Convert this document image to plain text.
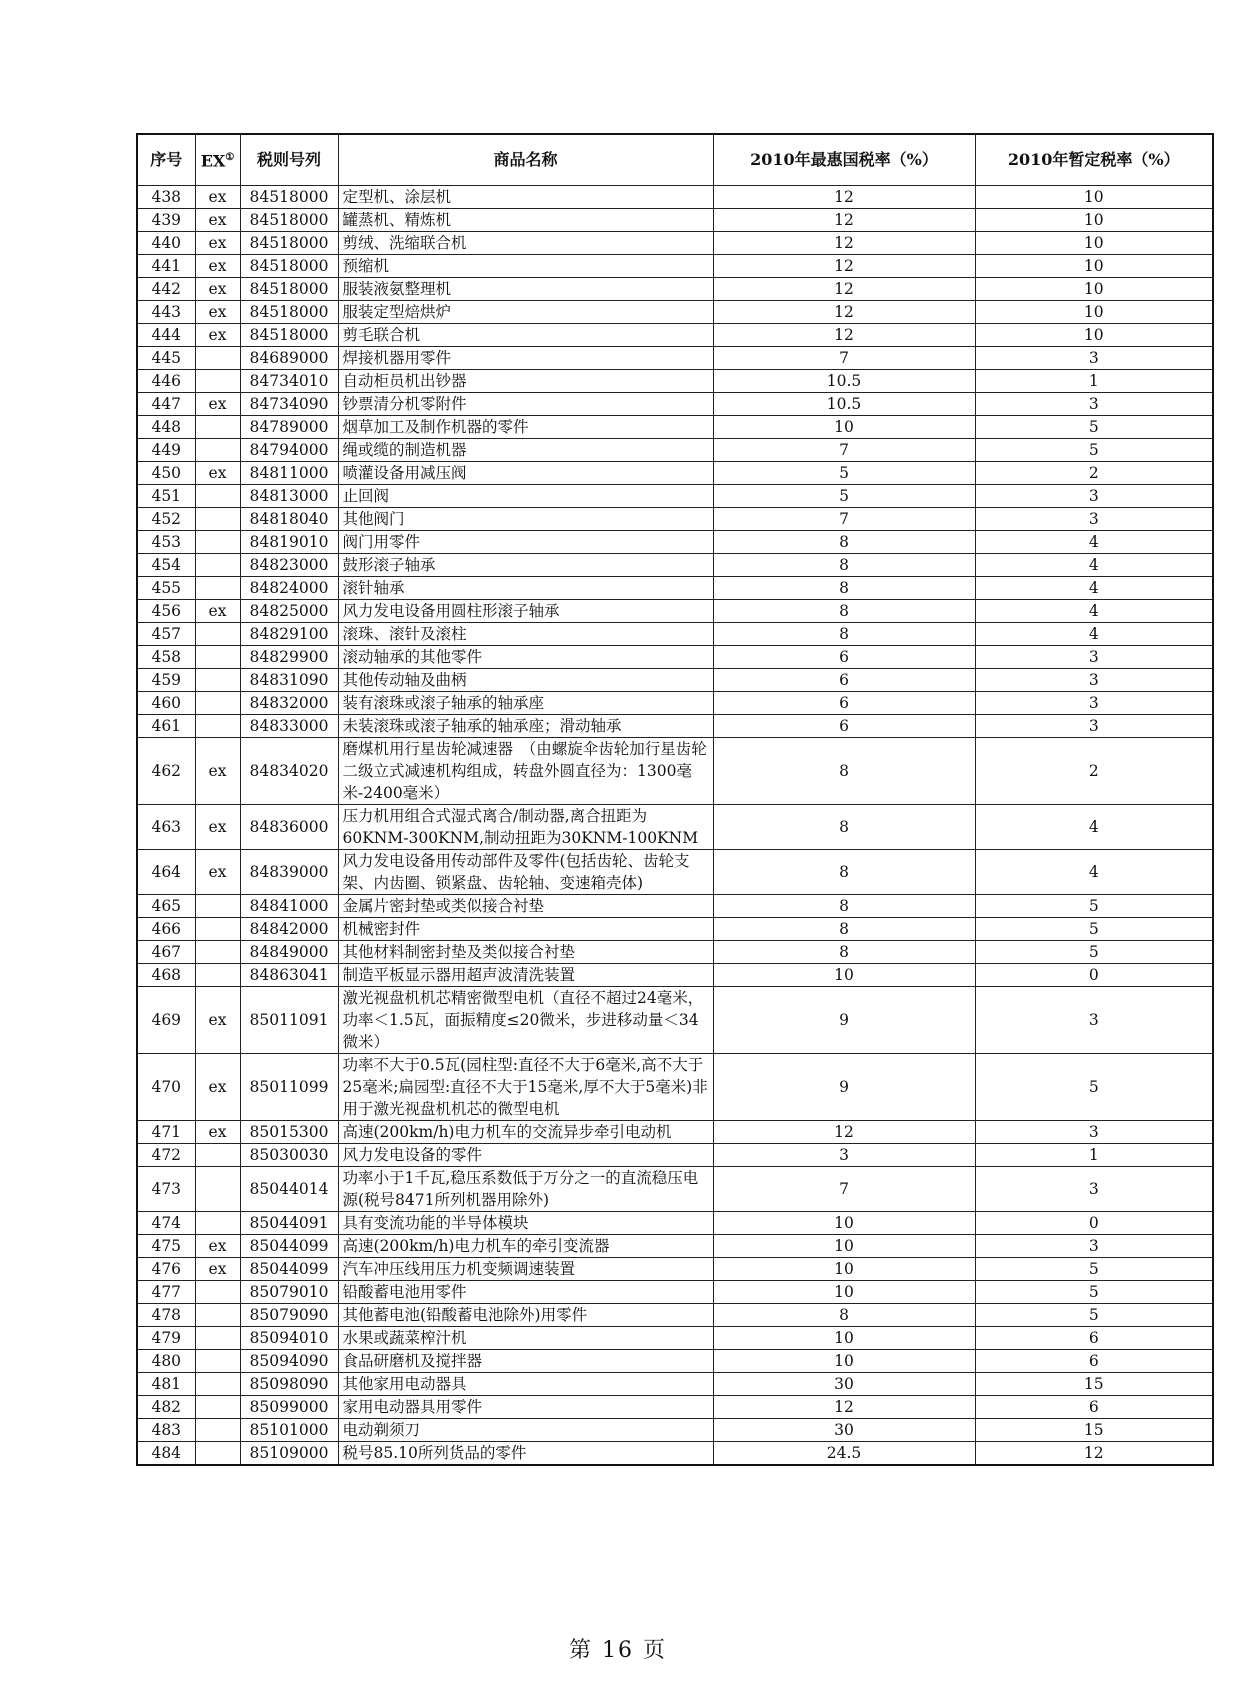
序号	EX①	税则号列	商品名称	2010年最惠国税率（%）	2010年暂定税率（%）
438	ex	84518000	定型机、涂层机	12	10
439	ex	84518000	罐蒸机、精炼机	12	10
440	ex	84518000	剪绒、洗缩联合机	12	10
441	ex	84518000	预缩机	12	10
442	ex	84518000	服装液氨整理机	12	10
443	ex	84518000	服装定型焙烘炉	12	10
444	ex	84518000	剪毛联合机	12	10
445		84689000	焊接机器用零件	7	3
446		84734010	自动柜员机出钞器	10.5	1
447	ex	84734090	钞票清分机零附件	10.5	3
448		84789000	烟草加工及制作机器的零件	10	5
449		84794000	绳或缆的制造机器	7	5
450	ex	84811000	喷灌设备用减压阀	5	2
451		84813000	止回阀	5	3
452		84818040	其他阀门	7	3
453		84819010	阀门用零件	8	4
454		84823000	鼓形滚子轴承	8	4
455		84824000	滚针轴承	8	4
456	ex	84825000	风力发电设备用圆柱形滚子轴承	8	4
457		84829100	滚珠、滚针及滚柱	8	4
458		84829900	滚动轴承的其他零件	6	3
459		84831090	其他传动轴及曲柄	6	3
460		84832000	装有滚珠或滚子轴承的轴承座	6	3
461		84833000	未装滚珠或滚子轴承的轴承座；滑动轴承	6	3
462	ex	84834020	磨煤机用行星齿轮减速器　（由螺旋伞齿轮加行星齿轮二级立式减速机构组成，转盘外圆直径为：1300毫米-2400毫米）	8	2
463	ex	84836000	压力机用组合式湿式离合/制动器,离合扭距为60KNM-300KNM,制动扭距为30KNM-100KNM	8	4
464	ex	84839000	风力发电设备用传动部件及零件(包括齿轮、齿轮支架、内齿圈、锁紧盘、齿轮轴、变速箱壳体)	8	4
465		84841000	金属片密封垫或类似接合衬垫	8	5
466		84842000	机械密封件	8	5
467		84849000	其他材料制密封垫及类似接合衬垫	8	5
468		84863041	制造平板显示器用超声波清洗装置	10	0
469	ex	85011091	激光视盘机机芯精密微型电机（直径不超过24毫米，功率＜1.5瓦，面振精度≤20微米，步进移动量＜34微米）	9	3
470	ex	85011099	功率不大于0.5瓦(园柱型:直径不大于6毫米,高不大于25毫米;扁园型:直径不大于15毫米,厚不大于5毫米)非用于激光视盘机机芯的微型电机	9	5
471	ex	85015300	高速(200km/h)电力机车的交流异步牵引电动机	12	3
472		85030030	风力发电设备的零件	3	1
473		85044014	功率小于1千瓦,稳压系数低于万分之一的直流稳压电源(税号8471所列机器用除外)	7	3
474		85044091	具有变流功能的半导体模块	10	0
475	ex	85044099	高速(200km/h)电力机车的牵引变流器	10	3
476	ex	85044099	汽车冲压线用压力机变频调速装置	10	5
477		85079010	铅酸蓄电池用零件	10	5
478		85079090	其他蓄电池(铅酸蓄电池除外)用零件	8	5
479		85094010	水果或蔬菜榨汁机	10	6
480		85094090	食品研磨机及搅拌器	10	6
481		85098090	其他家用电动器具	30	15
482		85099000	家用电动器具用零件	12	6
483		85101000	电动剃须刀	30	15
484		85109000	税号85.10所列货品的零件	24.5	12
第 16 页
